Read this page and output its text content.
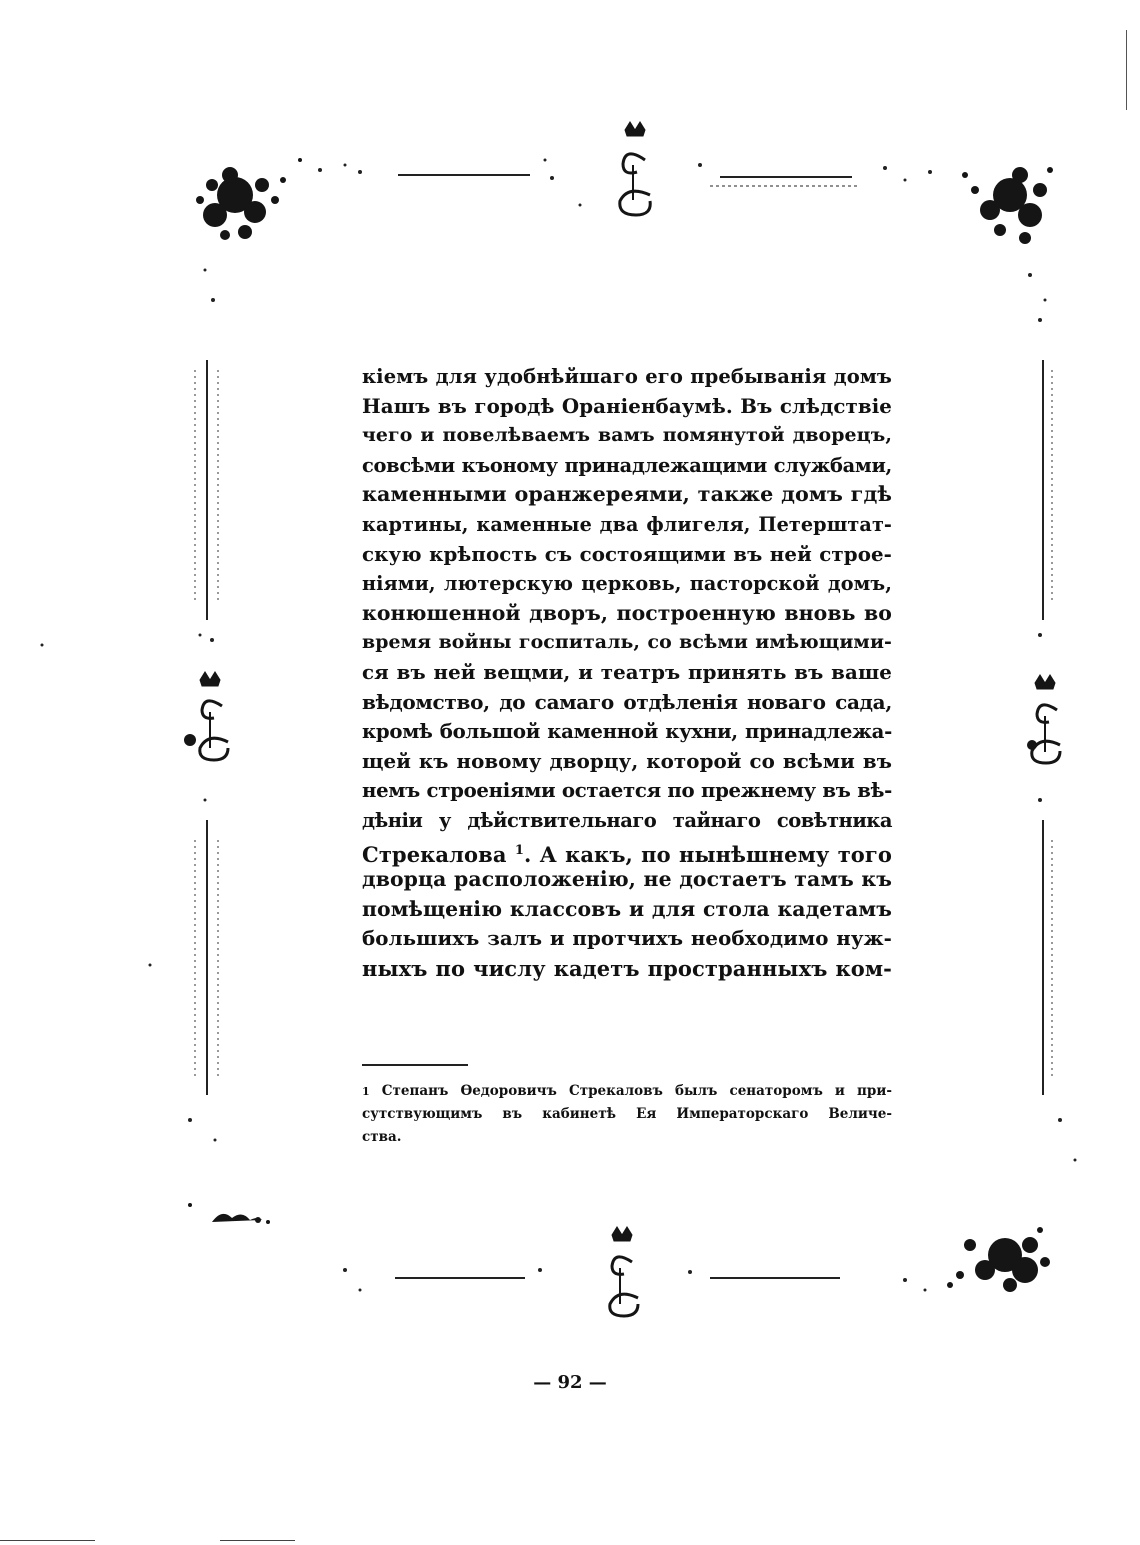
кіемъ для удобнѣйшаго его пребыванія домъ
Нашъ въ городѣ Ораніенбаумѣ. Въ слѣдствіе
чего и повелѣваемъ вамъ помянутой дворецъ,
совсѣми къоному принадлежащими службами,
каменными оранжереями, также домъ гдѣ
картины, каменные два флигеля, Петерштат-
скую крѣпость съ состоящими въ ней строе-
ніями, лютерскую церковь, пасторской домъ,
конюшенной дворъ, построенную вновь во
время войны госпиталь, со всѣми имѣющими-
ся въ ней вещми, и театръ принять въ ваше
вѣдомство, до самаго отдѣленія новаго сада,
кромѣ большой каменной кухни, принадлежа-
щей къ новому дворцу, которой со всѣми въ
немъ строеніями остается по прежнему въ вѣ-
дѣніи у дѣйствительнаго тайнаго совѣтника
Стрекалова $^1$. А какъ, по нынѣшнему того
дворца расположенію, не достаетъ тамъ къ
помѣщенію классовъ и для стола кадетамъ
большихъ залъ и протчихъ необходимо нуж-
ныхъ по числу кадетъ пространныхъ ком-
1 Степанъ Ѳедоровичъ Стрекаловъ былъ сенаторомъ и при-
сутствующимъ въ кабинетѣ Ея Императорскаго Величе-
ства.
— 92 —
